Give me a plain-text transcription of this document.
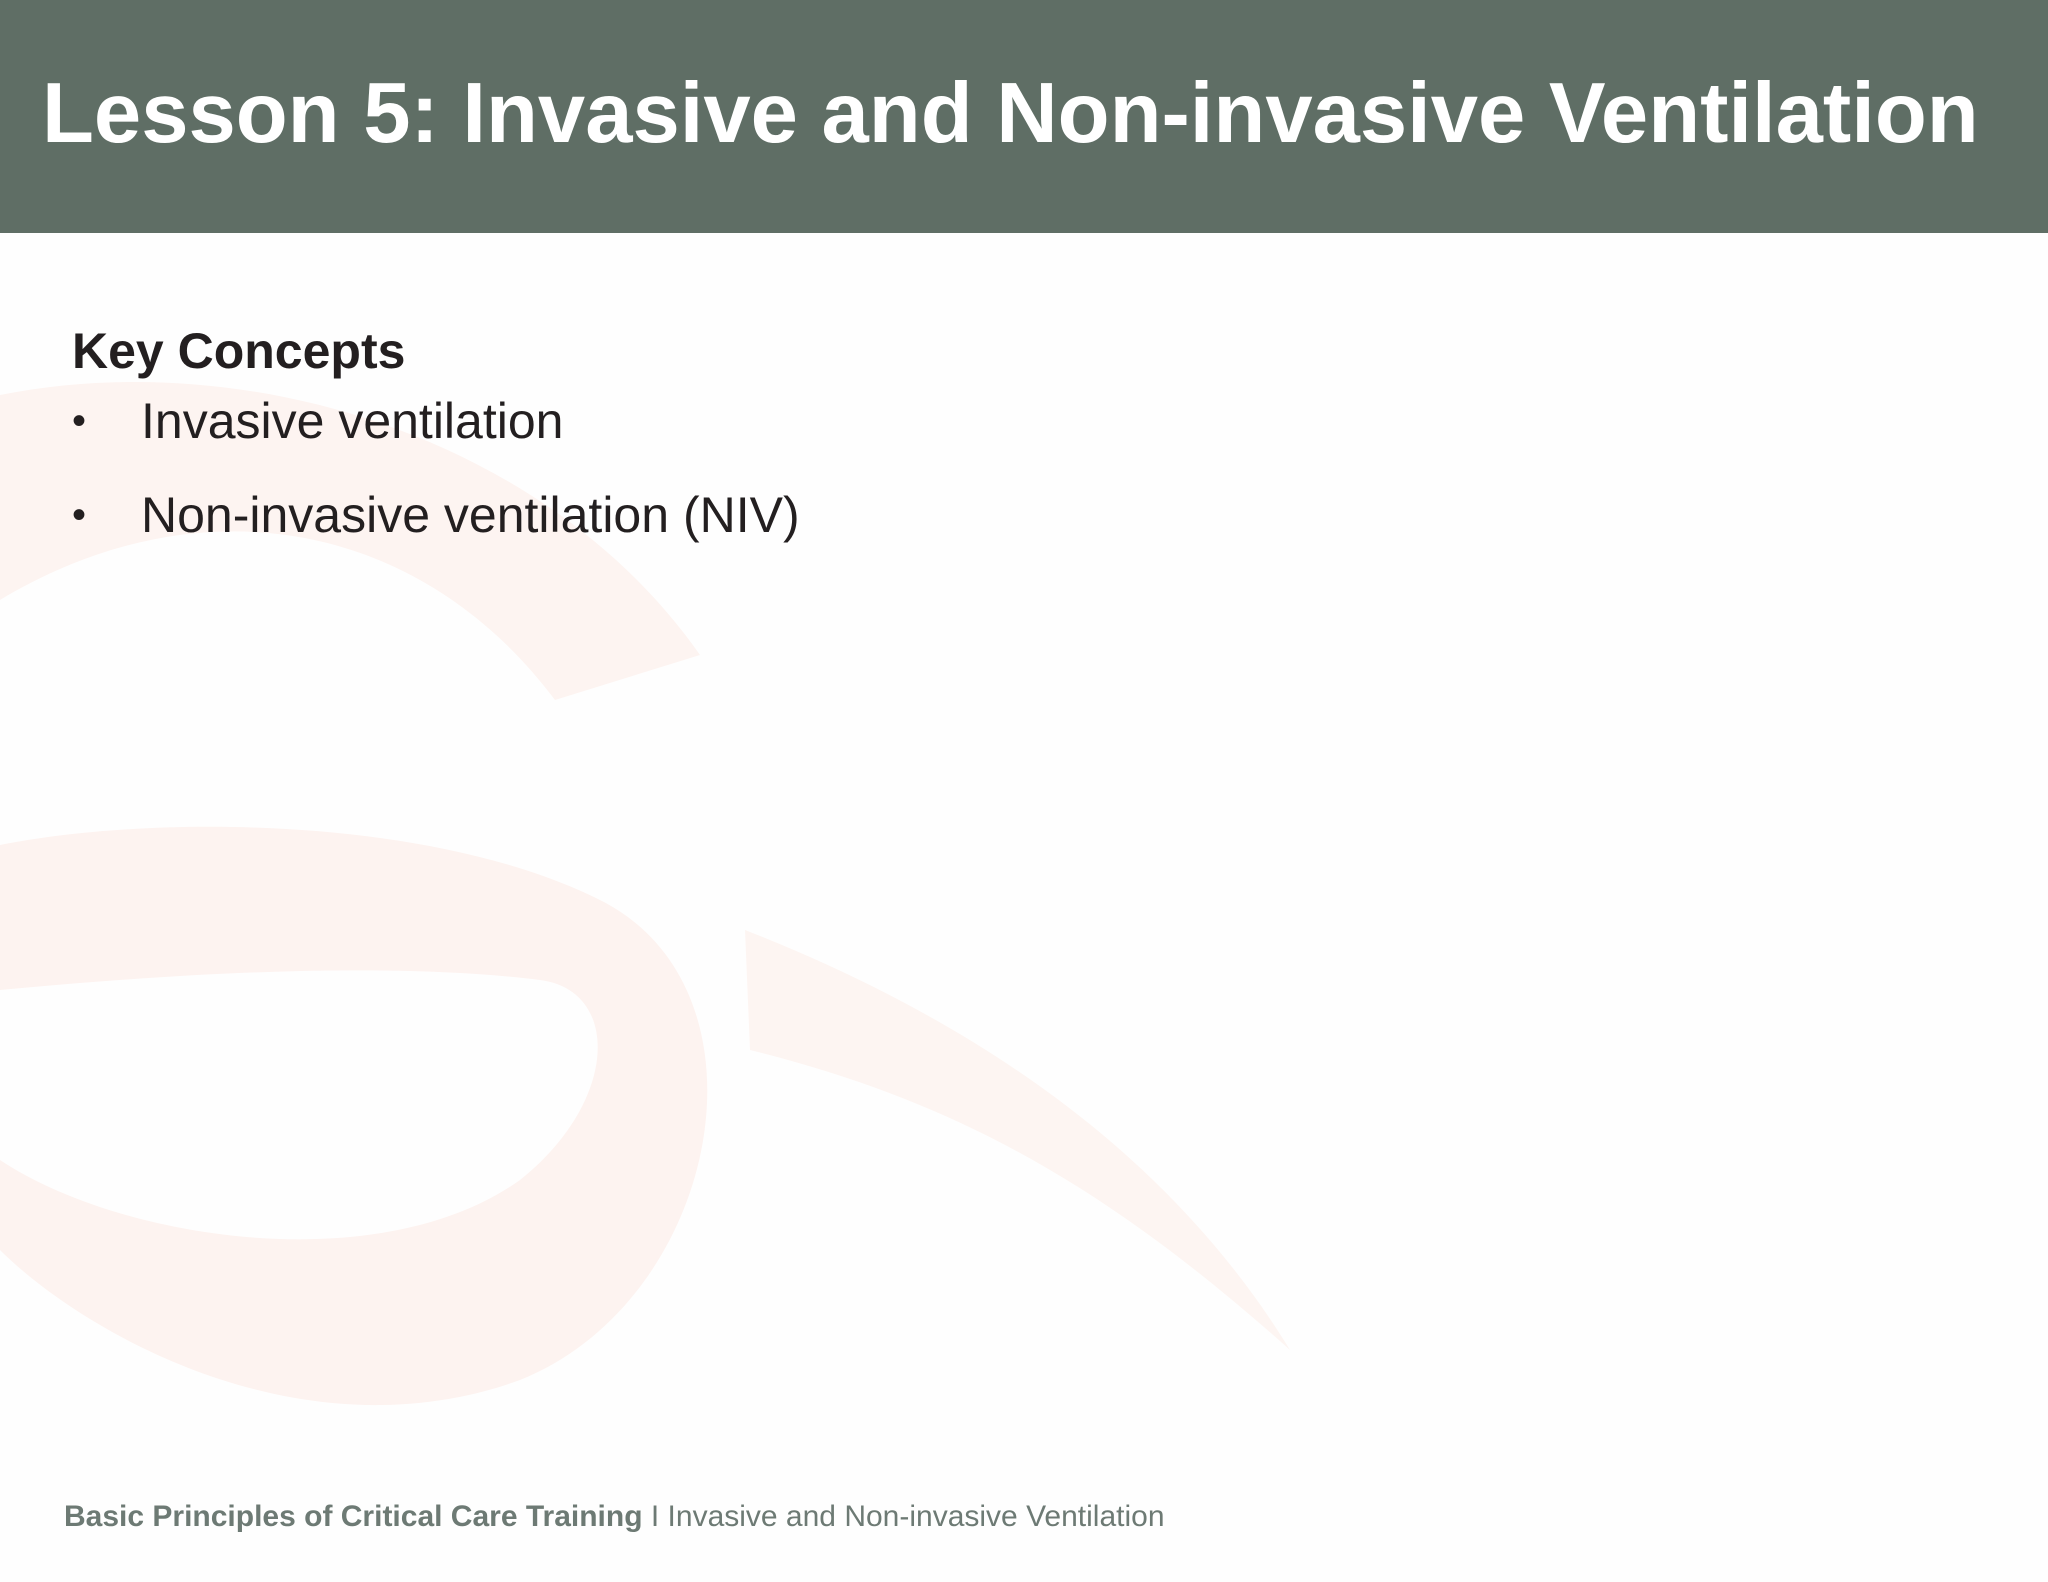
Lesson 5: Invasive and Non-invasive Ventilation
Key Concepts
• Invasive ventilation
• Non-invasive ventilation (NIV)
Basic Principles of Critical Care Training I Invasive and Non-invasive Ventilation
